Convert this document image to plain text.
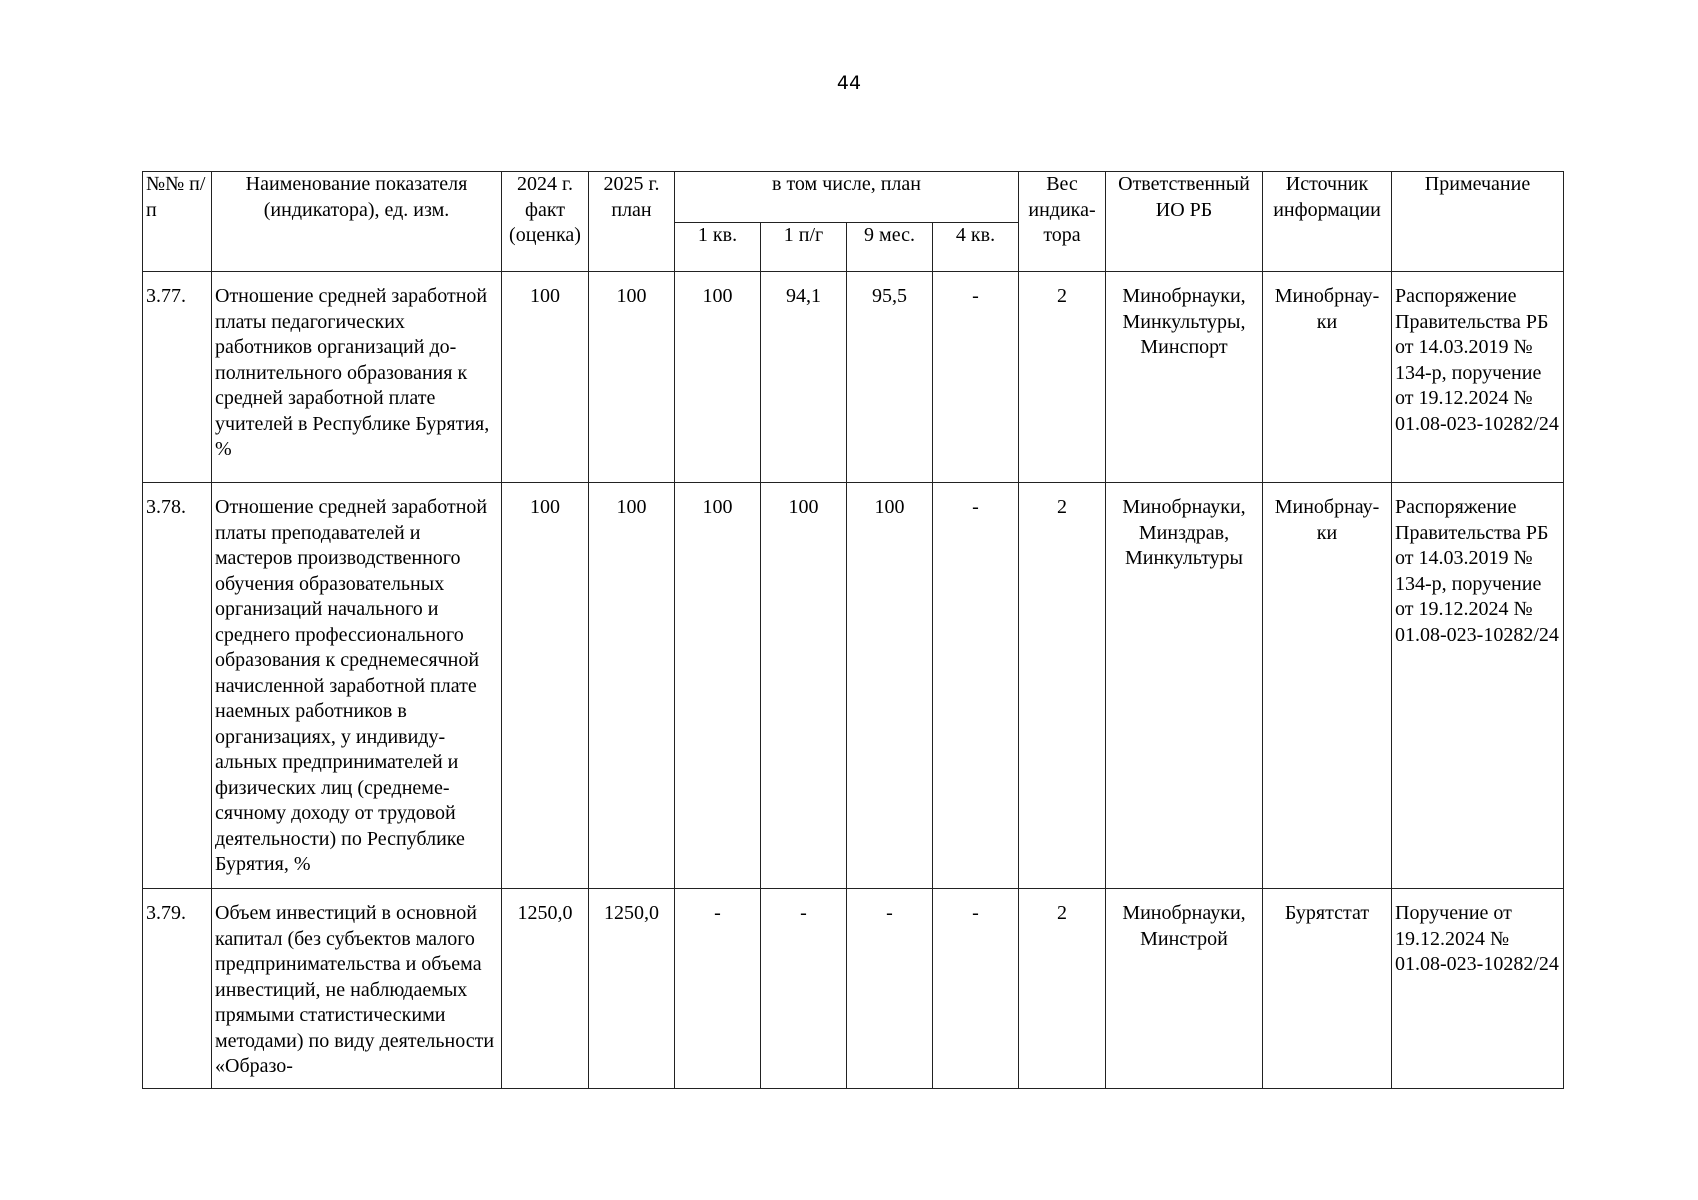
44
№№ п/п	Наименование показателя (индикатора), ед. изм.	2024 г. факт (оценка)	2025 г. план	в том числе, план				Вес индика-тора	Ответственный ИО РБ	Источник информации	Примечание
				1 кв.	1 п/г	9 мес.	4 кв.				
3.77.	Отношение средней заработной платы педагогических работников организаций дополнительного образования к средней заработной плате учителей в Республике Бурятия, %	100	100	100	94,1	95,5	-	2	Минобрнауки, Минкультуры, Минспорт	Минобрнау-ки	Распоряжение Правительства РБ от 14.03.2019 № 134-р, поручение от 19.12.2024 № 01.08-023-10282/24
3.78.	Отношение средней заработной платы преподавателей и мастеров производственного обучения образовательных организаций начального и среднего профессионального образования к среднемесячной начисленной заработной плате наемных работников в организациях, у индивидуальных предпринимателей и физических лиц (среднемесячному доходу от трудовой деятельности) по Республике Бурятия, %	100	100	100	100	100	-	2	Минобрнауки, Минздрав, Минкультуры	Минобрнау-ки	Распоряжение Правительства РБ от 14.03.2019 № 134-р, поручение от 19.12.2024 № 01.08-023-10282/24
3.79.	Объем инвестиций в основной капитал (без субъектов малого предпринимательства и объема инвестиций, не наблюдаемых прямыми статистическими методами) по виду деятельности «Образо-	1250,0	1250,0	-	-	-	-	2	Минобрнауки, Минстрой	Бурятстат	Поручение от 19.12.2024 № 01.08-023-10282/24
